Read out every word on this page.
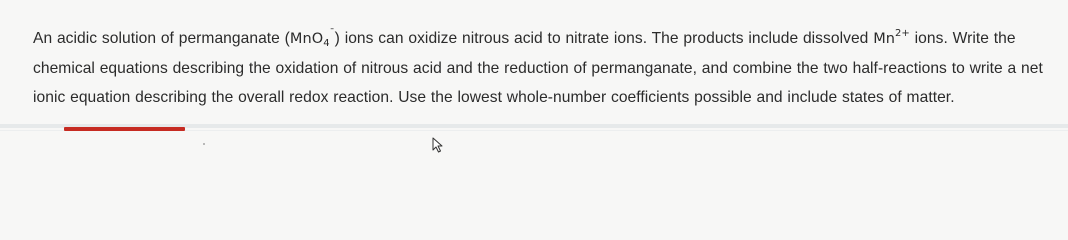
An acidic solution of permanganate (MnO$_4$¯) ions can oxidize nitrous acid to nitrate ions. The products include dissolved $Mn^{2+}$ ions. Write the chemical equations describing the oxidation of nitrous acid and the reduction of permanganate, and combine the two half-reactions to write a net ionic equation describing the overall redox reaction. Use the lowest whole-number coefficients possible and include states of matter.
